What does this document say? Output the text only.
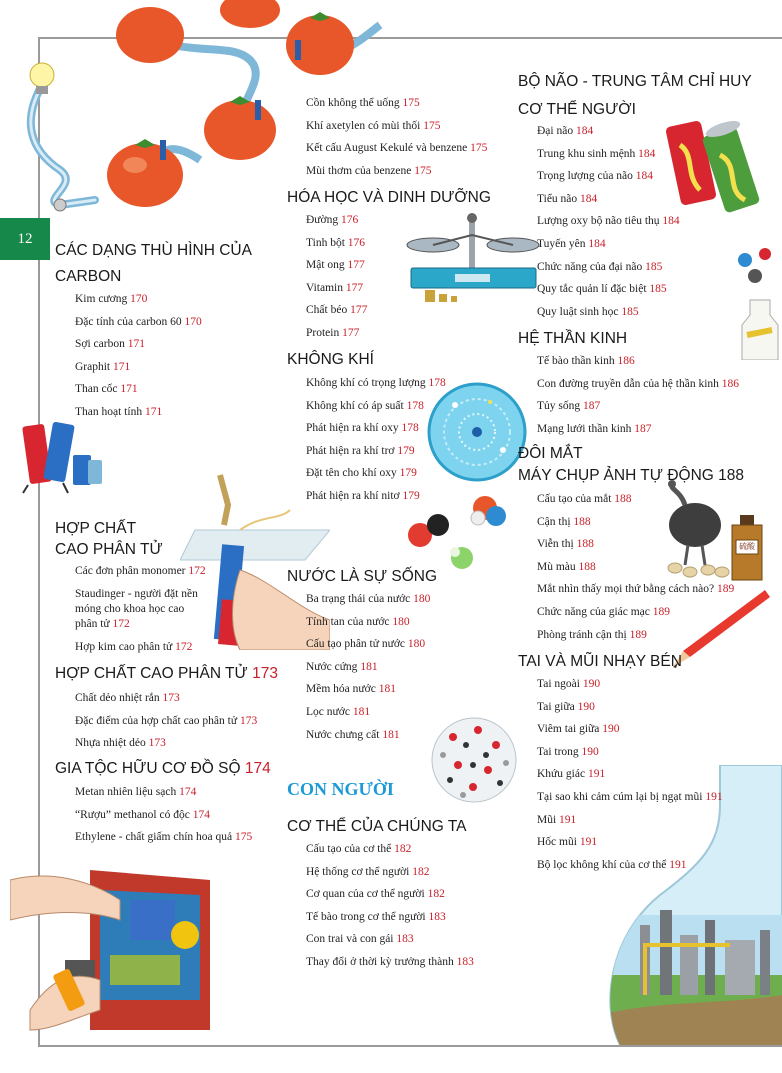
12
硫酸
CÁC DẠNG THÙ HÌNH CỦA
CARBON
Kim cương 170
Đặc tính của carbon 60 170
Sợi carbon 171
Graphit 171
Than cốc 171
Than hoạt tính 171
HỢP CHẤT
CAO PHÂN TỬ
Các đơn phân monomer 172
Staudinger - người đặt nền móng cho khoa học cao phân tử 172
Hợp kim cao phân tử 172
HỢP CHẤT CAO PHÂN TỬ 173
Chất dẻo nhiệt rắn 173
Đặc điểm của hợp chất cao phân tử 173
Nhựa nhiệt dẻo 173
GIA TỘC HỮU CƠ ĐỒ SỘ 174
Metan nhiên liệu sạch 174
“Rượu” methanol có độc 174
Ethylene - chất giấm chín hoa quả 175
Cồn không thể uống 175
Khí axetylen có mùi thối 175
Kết cấu August Kekulé và benzene 175
Mùi thơm của benzene 175
HÓA HỌC VÀ DINH DƯỠNG
Đường 176
Tinh bột 176
Mật ong 177
Vitamin 177
Chất béo 177
Protein 177
KHÔNG KHÍ
Không khí có trọng lượng 178
Không khí có áp suất 178
Phát hiện ra khí oxy 178
Phát hiện ra khí trơ 179
Đặt tên cho khí oxy 179
Phát hiện ra khí nitơ 179
NƯỚC LÀ SỰ SỐNG
Ba trạng thái của nước 180
Tính tan của nước 180
Cấu tạo phân tử nước 180
Nước cứng 181
Mềm hóa nước 181
Lọc nước 181
Nước chưng cất 181
CON NGƯỜI
CƠ THỂ CỦA CHÚNG TA
Cấu tạo của cơ thể 182
Hệ thống cơ thể người 182
Cơ quan của cơ thể người 182
Tế bào trong cơ thể người 183
Con trai và con gái 183
Thay đổi ở thời kỳ trưởng thành 183
BỘ NÃO - TRUNG TÂM CHỈ HUY
CƠ THỂ NGƯỜI
Đại não 184
Trung khu sinh mệnh 184
Trọng lượng của não 184
Tiểu não 184
Lượng oxy bộ não tiêu thụ 184
Tuyến yên 184
Chức năng của đại não 185
Quy tắc quản lí đặc biệt 185
Quy luật sinh học 185
HỆ THẦN KINH
Tế bào thần kinh 186
Con đường truyền dẫn của hệ thần kinh 186
Tủy sống 187
Mạng lưới thần kinh 187
ĐÔI MẮT
MÁY CHỤP ẢNH TỰ ĐỘNG 188
Cấu tạo của mắt 188
Cận thị 188
Viễn thị 188
Mù màu 188
Mắt nhìn thấy mọi thứ bằng cách nào? 189
Chức năng của giác mạc 189
Phòng tránh cận thị 189
TAI VÀ MŨI NHẠY BÉN
Tai ngoài 190
Tai giữa 190
Viêm tai giữa 190
Tai trong 190
Khứu giác 191
Tại sao khi cảm cúm lại bị ngạt mũi 191
Mũi 191
Hốc mũi 191
Bộ lọc không khí của cơ thể 191
